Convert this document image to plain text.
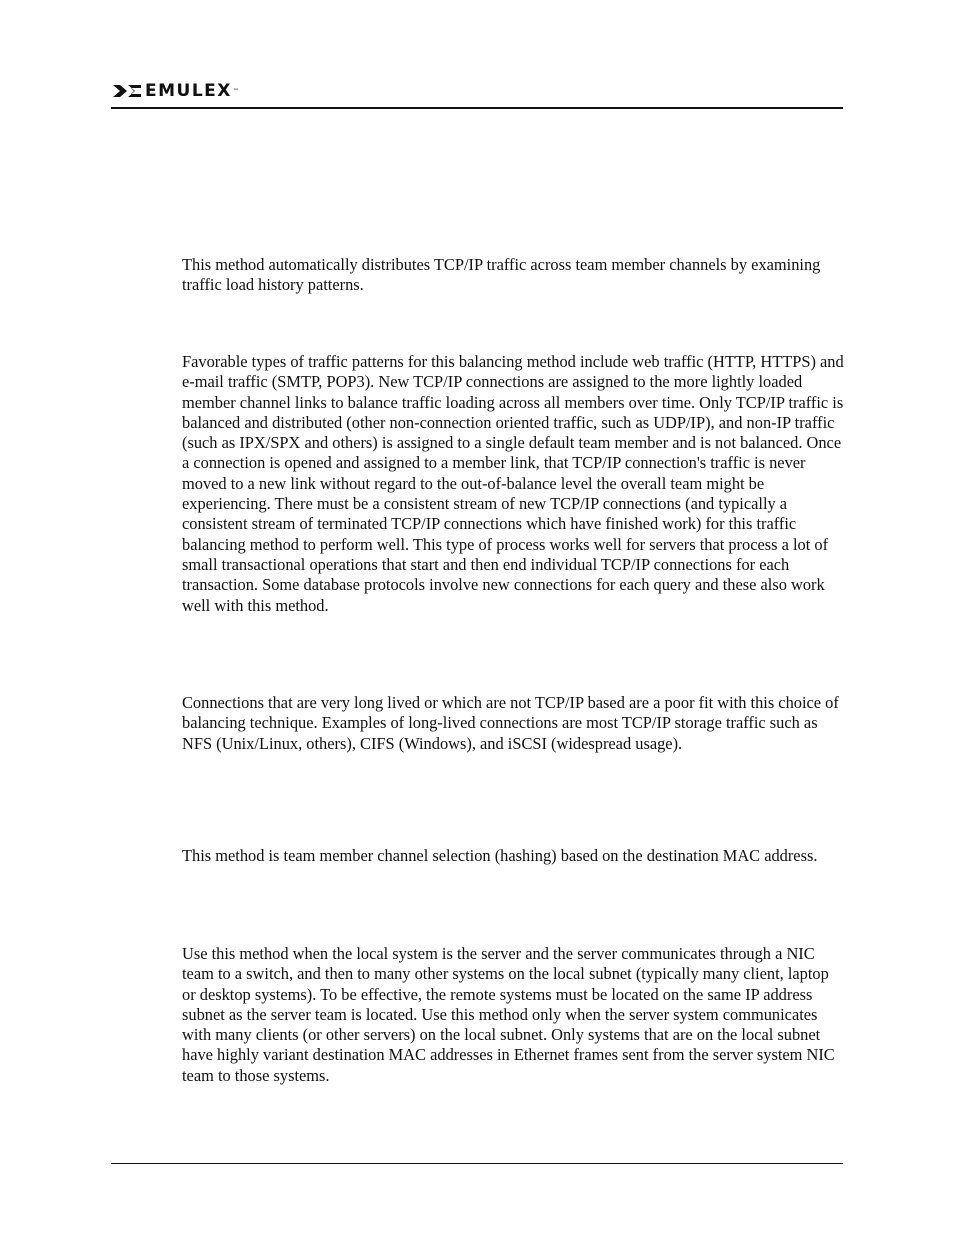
EMULEX ™

This method automatically distributes TCP/IP traffic across team member channels by examining traffic load history patterns.

Favorable types of traffic patterns for this balancing method include web traffic (HTTP, HTTPS) and e-mail traffic (SMTP, POP3). New TCP/IP connections are assigned to the more lightly loaded member channel links to balance traffic loading across all members over time. Only TCP/IP traffic is balanced and distributed (other non-connection oriented traffic, such as UDP/IP), and non-IP traffic (such as IPX/SPX and others) is assigned to a single default team member and is not balanced. Once a connection is opened and assigned to a member link, that TCP/IP connection's traffic is never moved to a new link without regard to the out-of-balance level the overall team might be experiencing. There must be a consistent stream of new TCP/IP connections (and typically a consistent stream of terminated TCP/IP connections which have finished work) for this traffic balancing method to perform well. This type of process works well for servers that process a lot of small transactional operations that start and then end individual TCP/IP connections for each transaction. Some database protocols involve new connections for each query and these also work well with this method.

Connections that are very long lived or which are not TCP/IP based are a poor fit with this choice of balancing technique. Examples of long-lived connections are most TCP/IP storage traffic such as NFS (Unix/Linux, others), CIFS (Windows), and iSCSI (widespread usage).

This method is team member channel selection (hashing) based on the destination MAC address.

Use this method when the local system is the server and the server communicates through a NIC team to a switch, and then to many other systems on the local subnet (typically many client, laptop or desktop systems). To be effective, the remote systems must be located on the same IP address subnet as the server team is located. Use this method only when the server system communicates with many clients (or other servers) on the local subnet. Only systems that are on the local subnet have highly variant destination MAC addresses in Ethernet frames sent from the server system NIC team to those systems.
